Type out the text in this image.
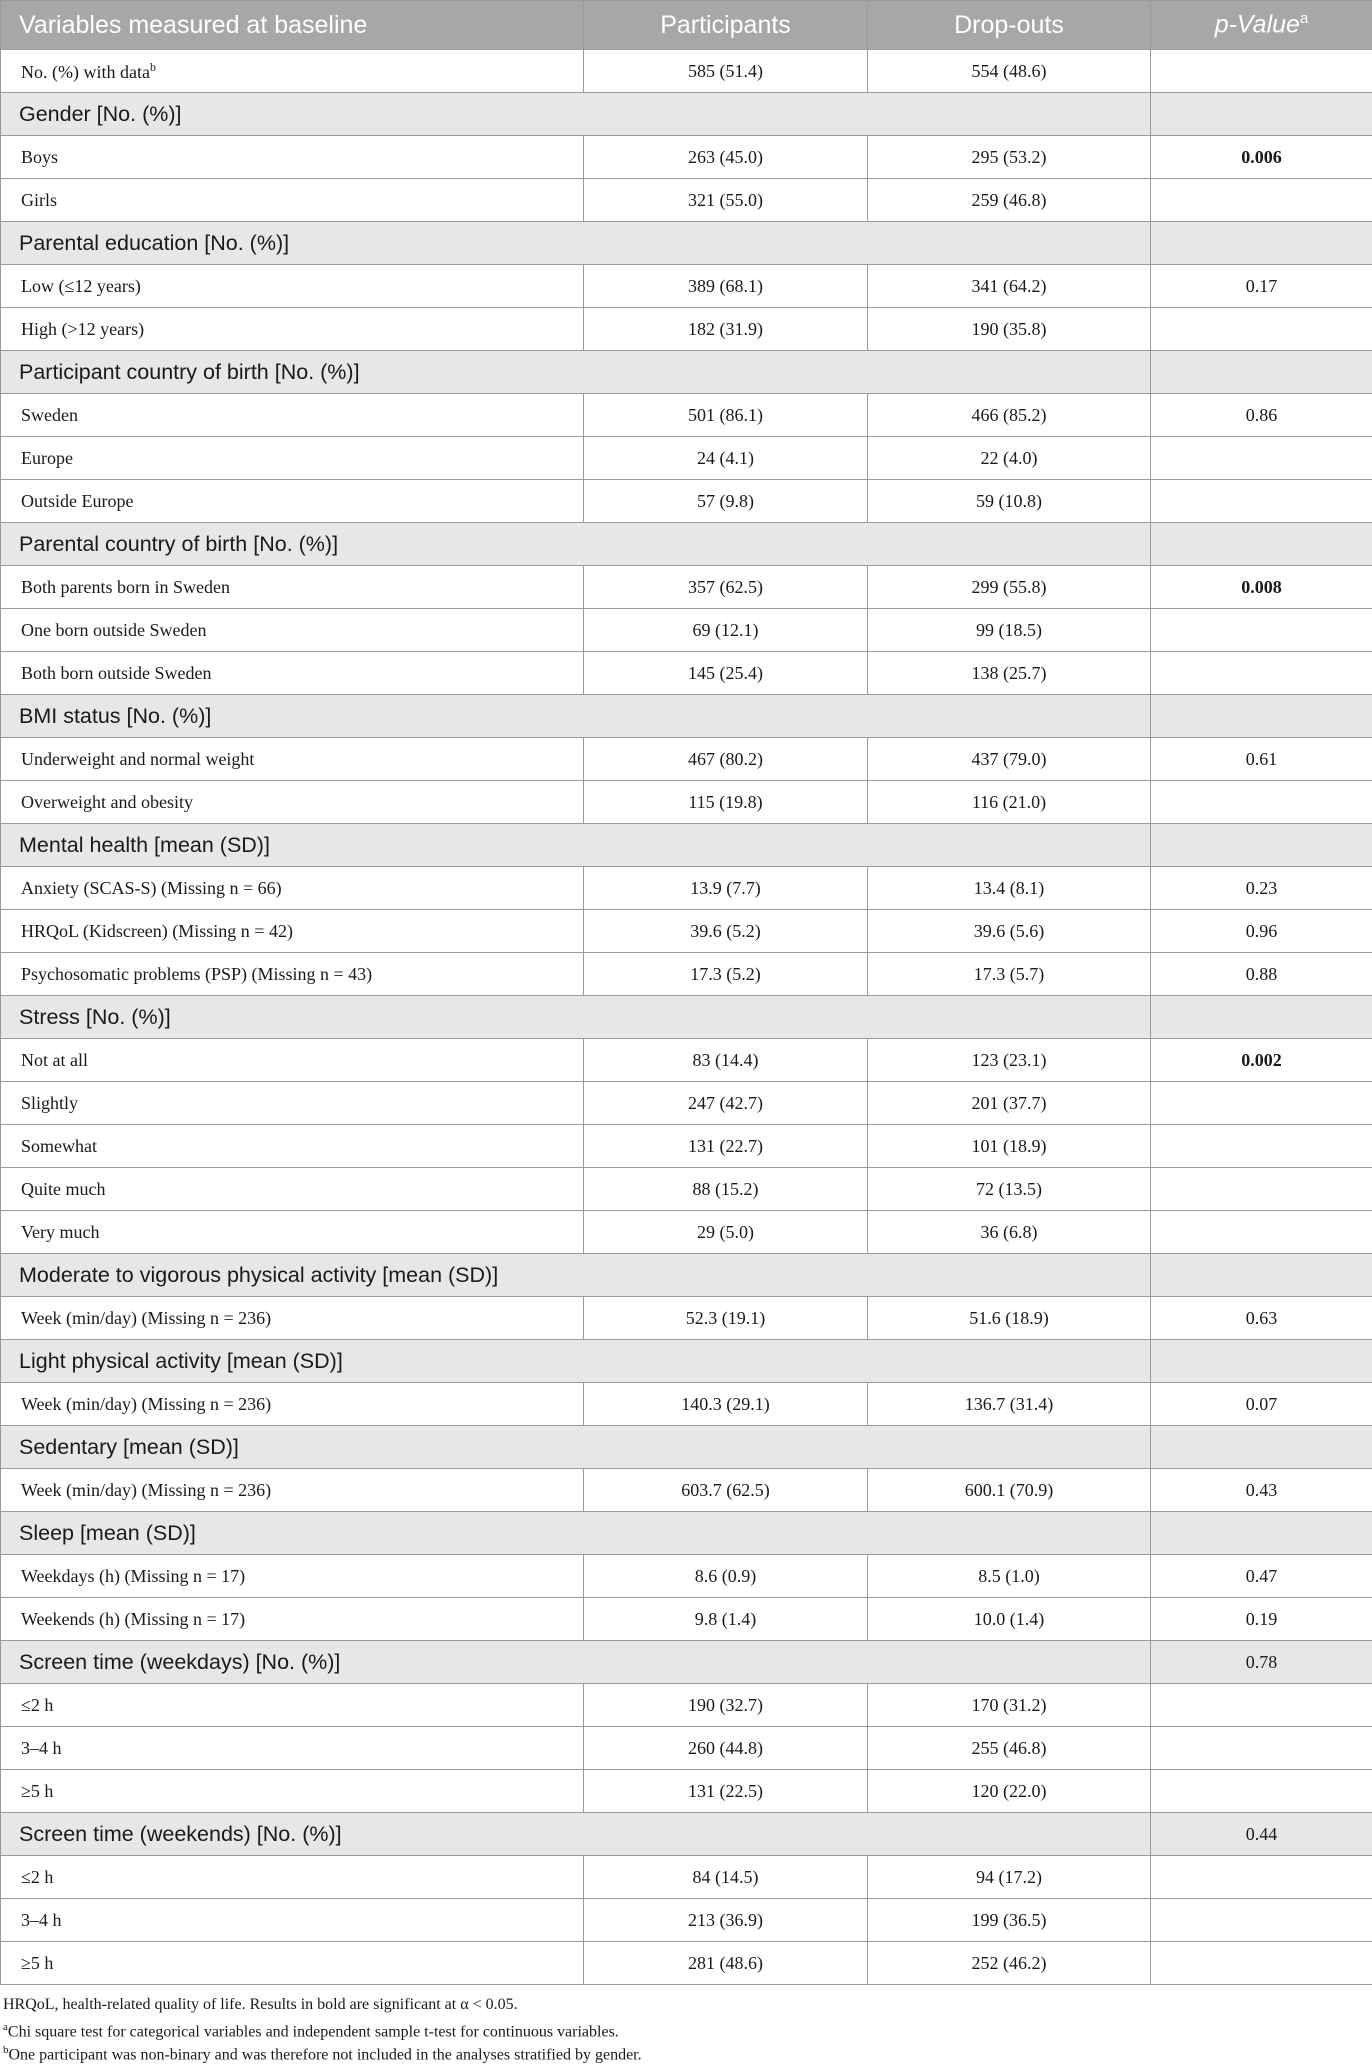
Variables measured at baseline	Participants	Drop-outs	p-Value$^a$
No. (%) with data$^b$	585 (51.4)	554 (48.6)	
Gender [No. (%)]			
Boys	263 (45.0)	295 (53.2)	0.006
Girls	321 (55.0)	259 (46.8)	
Parental education [No. (%)]			
Low (≤12 years)	389 (68.1)	341 (64.2)	0.17
High (>12 years)	182 (31.9)	190 (35.8)	
Participant country of birth [No. (%)]			
Sweden	501 (86.1)	466 (85.2)	0.86
Europe	24 (4.1)	22 (4.0)	
Outside Europe	57 (9.8)	59 (10.8)	
Parental country of birth [No. (%)]			
Both parents born in Sweden	357 (62.5)	299 (55.8)	0.008
One born outside Sweden	69 (12.1)	99 (18.5)	
Both born outside Sweden	145 (25.4)	138 (25.7)	
BMI status [No. (%)]			
Underweight and normal weight	467 (80.2)	437 (79.0)	0.61
Overweight and obesity	115 (19.8)	116 (21.0)	
Mental health [mean (SD)]			
Anxiety (SCAS-S) (Missing n = 66)	13.9 (7.7)	13.4 (8.1)	0.23
HRQoL (Kidscreen) (Missing n = 42)	39.6 (5.2)	39.6 (5.6)	0.96
Psychosomatic problems (PSP) (Missing n = 43)	17.3 (5.2)	17.3 (5.7)	0.88
Stress [No. (%)]			
Not at all	83 (14.4)	123 (23.1)	0.002
Slightly	247 (42.7)	201 (37.7)	
Somewhat	131 (22.7)	101 (18.9)	
Quite much	88 (15.2)	72 (13.5)	
Very much	29 (5.0)	36 (6.8)	
Moderate to vigorous physical activity [mean (SD)]			
Week (min/day) (Missing n = 236)	52.3 (19.1)	51.6 (18.9)	0.63
Light physical activity [mean (SD)]			
Week (min/day) (Missing n = 236)	140.3 (29.1)	136.7 (31.4)	0.07
Sedentary [mean (SD)]			
Week (min/day) (Missing n = 236)	603.7 (62.5)	600.1 (70.9)	0.43
Sleep [mean (SD)]			
Weekdays (h) (Missing n = 17)	8.6 (0.9)	8.5 (1.0)	0.47
Weekends (h) (Missing n = 17)	9.8 (1.4)	10.0 (1.4)	0.19
Screen time (weekdays) [No. (%)]			0.78
≤2 h	190 (32.7)	170 (31.2)	
3–4 h	260 (44.8)	255 (46.8)	
≥5 h	131 (22.5)	120 (22.0)	
Screen time (weekends) [No. (%)]			0.44
≤2 h	84 (14.5)	94 (17.2)	
3–4 h	213 (36.9)	199 (36.5)	
≥5 h	281 (48.6)	252 (46.2)	
HRQoL, health-related quality of life. Results in bold are significant at α < 0.05.
$^a$Chi square test for categorical variables and independent sample t-test for continuous variables.
$^b$One participant was non-binary and was therefore not included in the analyses stratified by gender.
